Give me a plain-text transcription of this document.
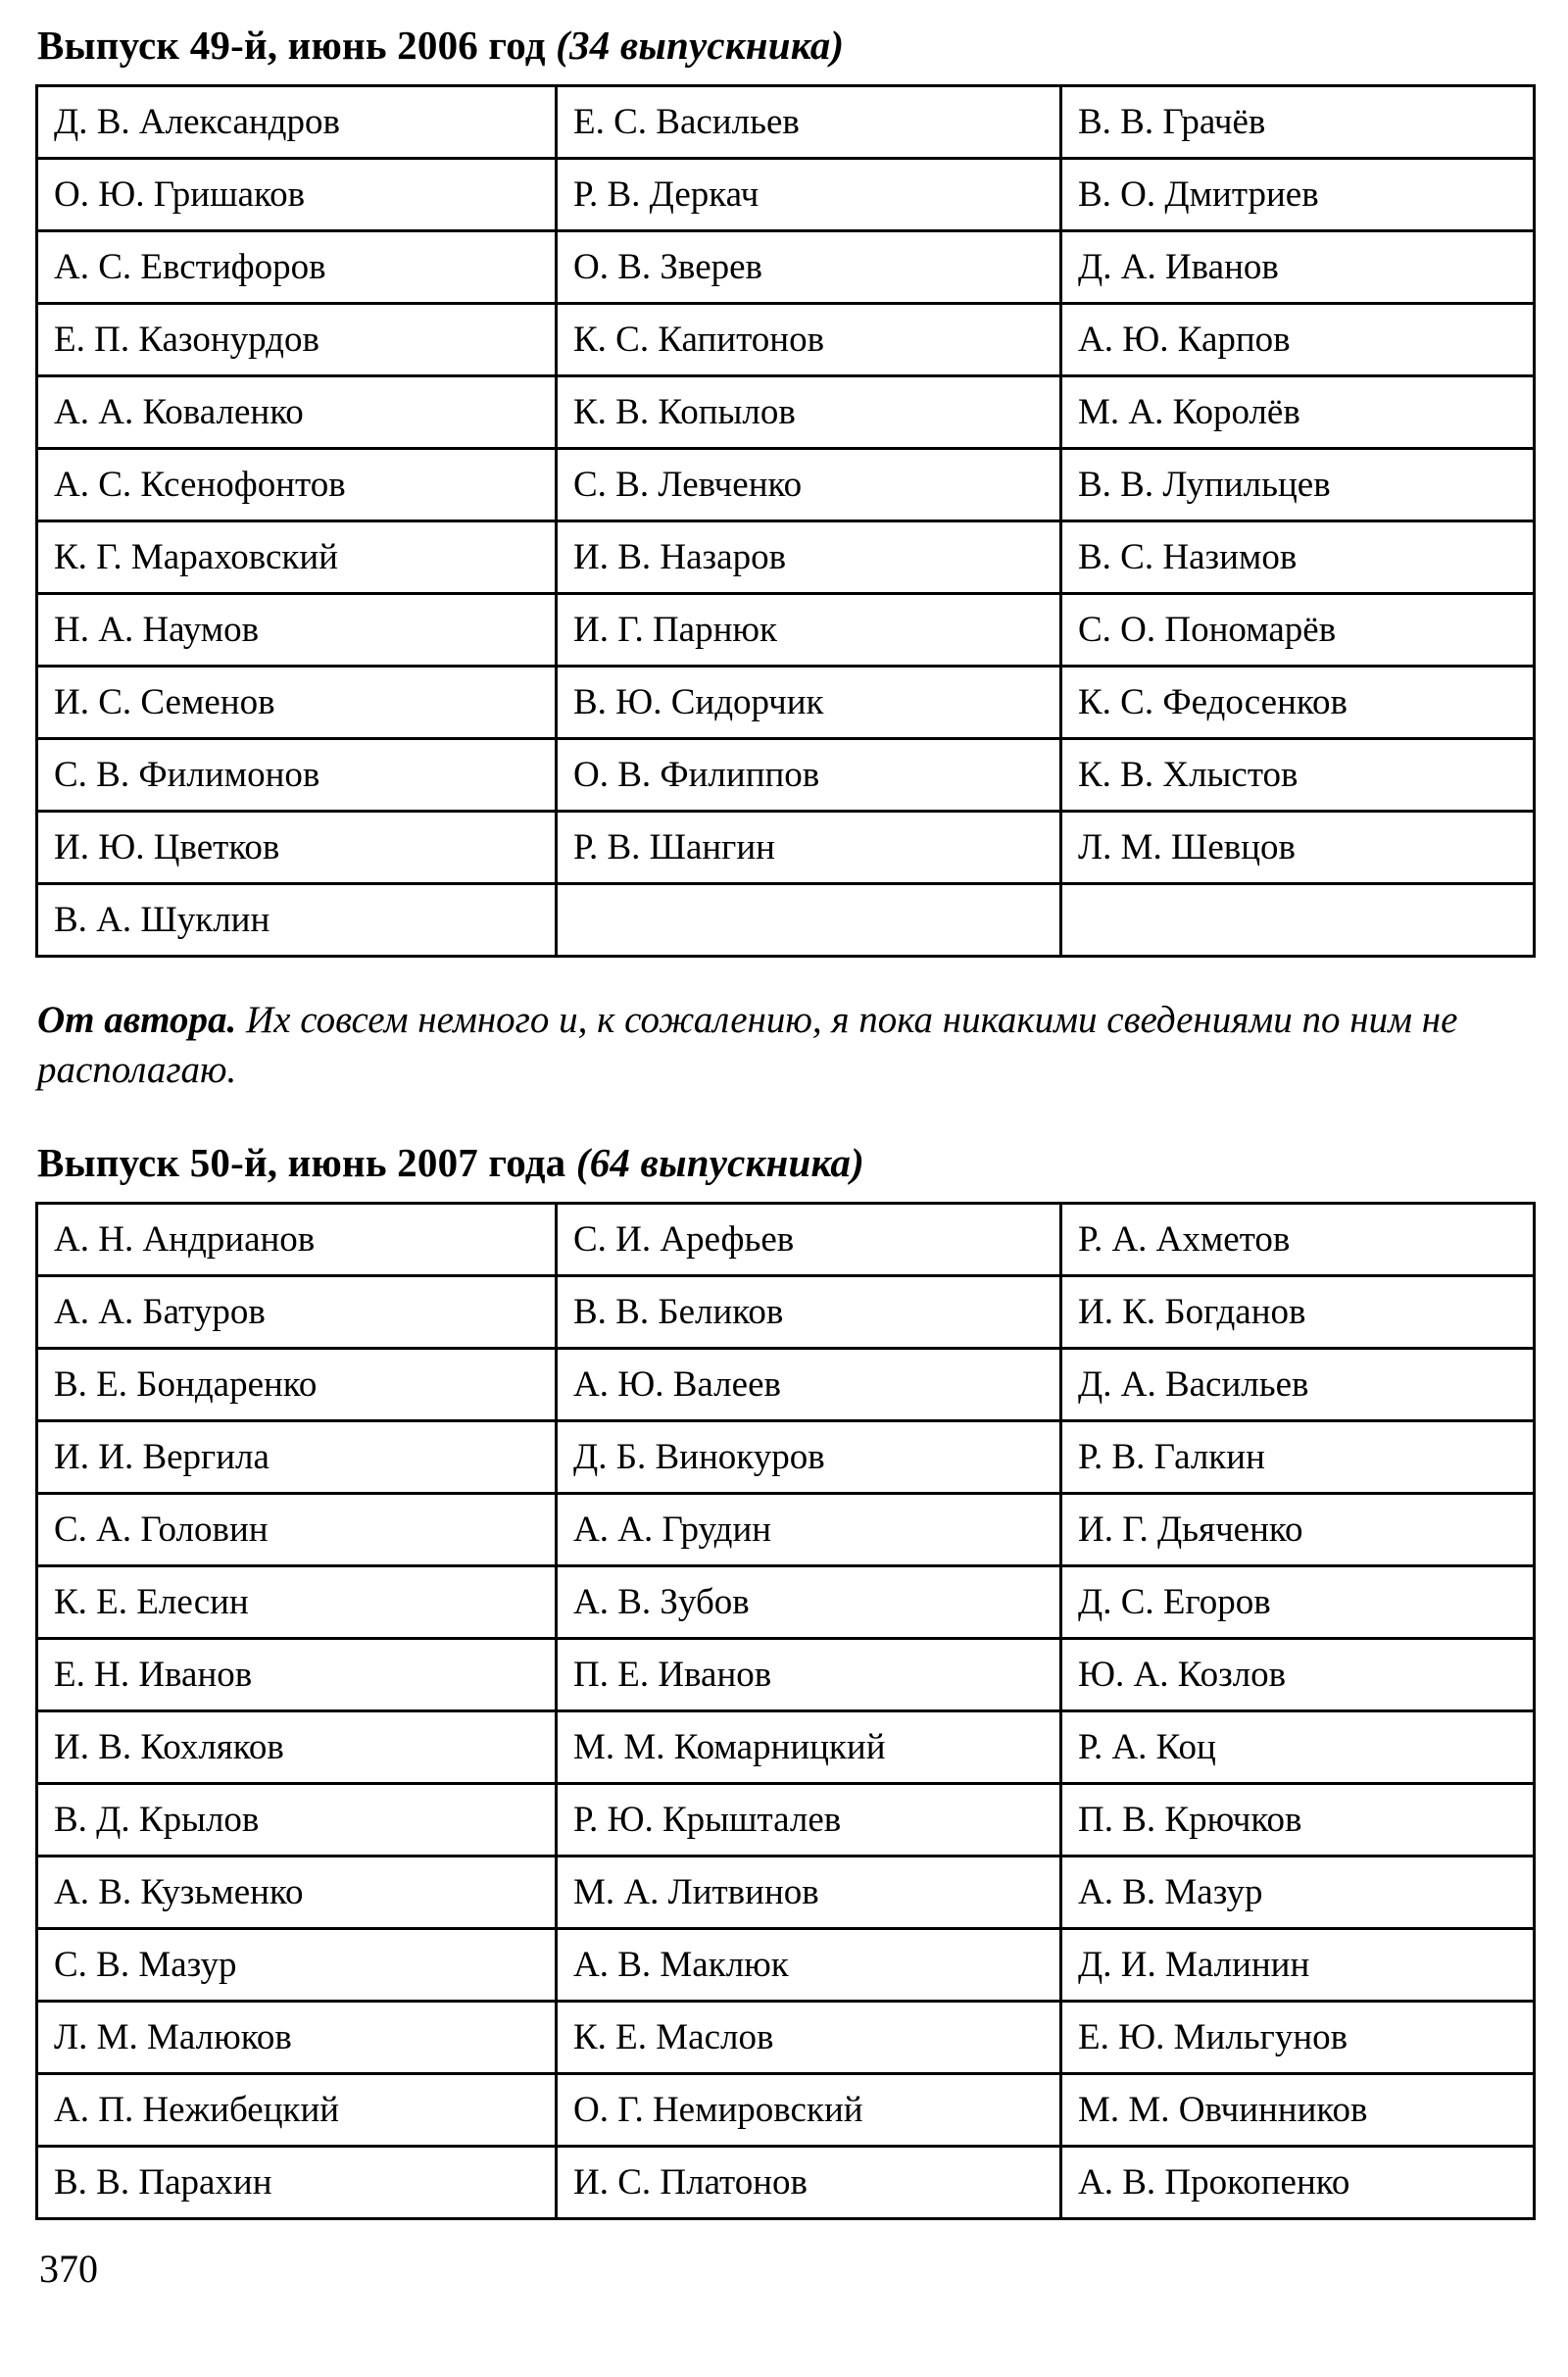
Выпуск 49-й, июнь 2006 год (34 выпускника)
Д. В. Александров	Е. С. Васильев	В. В. Грачёв
О. Ю. Гришаков	Р. В. Деркач	В. О. Дмитриев
А. С. Евстифоров	О. В. Зверев	Д. А. Иванов
Е. П. Казонурдов	К. С. Капитонов	А. Ю. Карпов
А. А. Коваленко	К. В. Копылов	М. А. Королёв
А. С. Ксенофонтов	С. В. Левченко	В. В. Лупильцев
К. Г. Мараховский	И. В. Назаров	В. С. Назимов
Н. А. Наумов	И. Г. Парнюк	С. О. Пономарёв
И. С. Семенов	В. Ю. Сидорчик	К. С. Федосенков
С. В. Филимонов	О. В. Филиппов	К. В. Хлыстов
И. Ю. Цветков	Р. В. Шангин	Л. М. Шевцов
В. А. Шуклин		

От автора. Их совсем немного и, к сожалению, я пока никакими сведениями по ним не располагаю.

Выпуск 50-й, июнь 2007 года (64 выпускника)
А. Н. Андрианов	С. И. Арефьев	Р. А. Ахметов
А. А. Батуров	В. В. Беликов	И. К. Богданов
В. Е. Бондаренко	А. Ю. Валеев	Д. А. Васильев
И. И. Вергила	Д. Б. Винокуров	Р. В. Галкин
С. А. Головин	А. А. Грудин	И. Г. Дьяченко
К. Е. Елесин	А. В. Зубов	Д. С. Егоров
Е. Н. Иванов	П. Е. Иванов	Ю. А. Козлов
И. В. Кохляков	М. М. Комарницкий	Р. А. Коц
В. Д. Крылов	Р. Ю. Крышталев	П. В. Крючков
А. В. Кузьменко	М. А. Литвинов	А. В. Мазур
С. В. Мазур	А. В. Маклюк	Д. И. Малинин
Л. М. Малюков	К. Е. Маслов	Е. Ю. Мильгунов
А. П. Нежибецкий	О. Г. Немировский	М. М. Овчинников
В. В. Парахин	И. С. Платонов	А. В. Прокопенко
370
